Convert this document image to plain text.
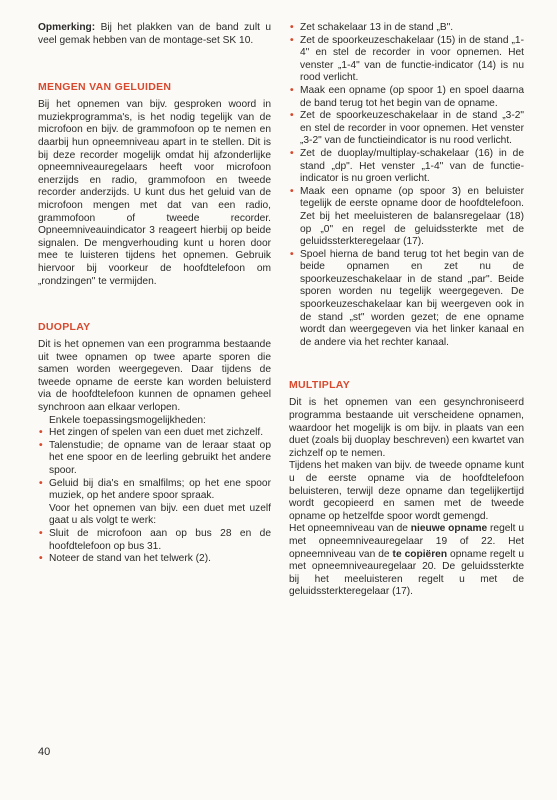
Opmerking: Bij het plakken van de band zult u veel gemak hebben van de montage-set SK 10.

MENGEN VAN GELUIDEN

Bij het opnemen van bijv. gesproken woord in muziekprogramma's, is het nodig tegelijk van de microfoon en bijv. de grammofoon op te nemen en daarbij hun opneemniveau apart in te stellen. Dit is bij deze recorder mogelijk omdat hij afzonderlijke opneemniveauregelaars heeft voor microfoon enerzijds en radio, grammofoon en tweede recorder anderzijds. U kunt dus het geluid van de microfoon mengen met dat van een radio, grammofoon of tweede recorder. Opneemniveauindicator 3 reageert hierbij op beide signalen. De mengverhouding kunt u horen door mee te luisteren tijdens het opnemen. Gebruik hiervoor bij voorkeur de hoofdtelefoon om „rondzingen" te vermijden.

DUOPLAY

Dit is het opnemen van een programma bestaande uit twee opnamen op twee aparte sporen die samen worden weergegeven. Daar tijdens de tweede opname de eerste kan worden beluisterd via de hoofdtelefoon kunnen de opnamen geheel synchroon aan elkaar verlopen.

Enkele toepassingsmogelijkheden:

• Het zingen of spelen van een duet met zichzelf.
• Talenstudie; de opname van de leraar staat op het ene spoor en de leerling gebruikt het andere spoor.
• Geluid bij dia's en smalfilms; op het ene spoor muziek, op het andere spoor spraak.

Voor het opnemen van bijv. een duet met uzelf gaat u als volgt te werk:

• Sluit de microfoon aan op bus 28 en de hoofdtelefoon op bus 31.
• Noteer de stand van het telwerk (2).
• Zet schakelaar 13 in de stand „B".
• Zet de spoorkeuzeschakelaar (15) in de stand „1-4" en stel de recorder in voor opnemen. Het venster „1-4" van de functie-indicator (14) is nu rood verlicht.
• Maak een opname (op spoor 1) en spoel daarna de band terug tot het begin van de opname.
• Zet de spoorkeuzeschakelaar in de stand „3-2" en stel de recorder in voor opnemen. Het venster „3-2" van de functieindicator is nu rood verlicht.
• Zet de duoplay/multiplay-schakelaar (16) in de stand „dp". Het venster „1-4" van de functie-indicator is nu groen verlicht.
• Maak een opname (op spoor 3) en beluister tegelijk de eerste opname door de hoofdtelefoon. Zet bij het meeluisteren de balansregelaar (18) op „0" en regel de geluidssterkte met de geluidssterkteregelaar (17).
• Spoel hierna de band terug tot het begin van de beide opnamen en zet nu de spoorkeuzeschakelaar in de stand „par". Beide sporen worden nu tegelijk weergegeven. De spoorkeuzeschakelaar kan bij weergeven ook in de stand „st" worden gezet; de ene opname wordt dan weergegeven via het linker kanaal en de andere via het rechter kanaal.
MULTIPLAY

Dit is het opnemen van een gesynchroniseerd programma bestaande uit verscheidene opnamen, waardoor het mogelijk is om bijv. in plaats van een duet (zoals bij duoplay beschreven) een kwartet van zichzelf op te nemen.

Tijdens het maken van bijv. de tweede opname kunt u de eerste opname via de hoofdtelefoon beluisteren, terwijl deze opname dan tegelijkertijd wordt gecopieerd en samen met de tweede opname op hetzelfde spoor wordt gemengd.

Het opneemniveau van de nieuwe opname regelt u met opneemniveauregelaar 19 of 22. Het opneemniveau van de te copiëren opname regelt u met opneemniveauregelaar 20. De geluidssterkte bij het meeluisteren regelt u met de geluidssterkteregelaar (17).

40
